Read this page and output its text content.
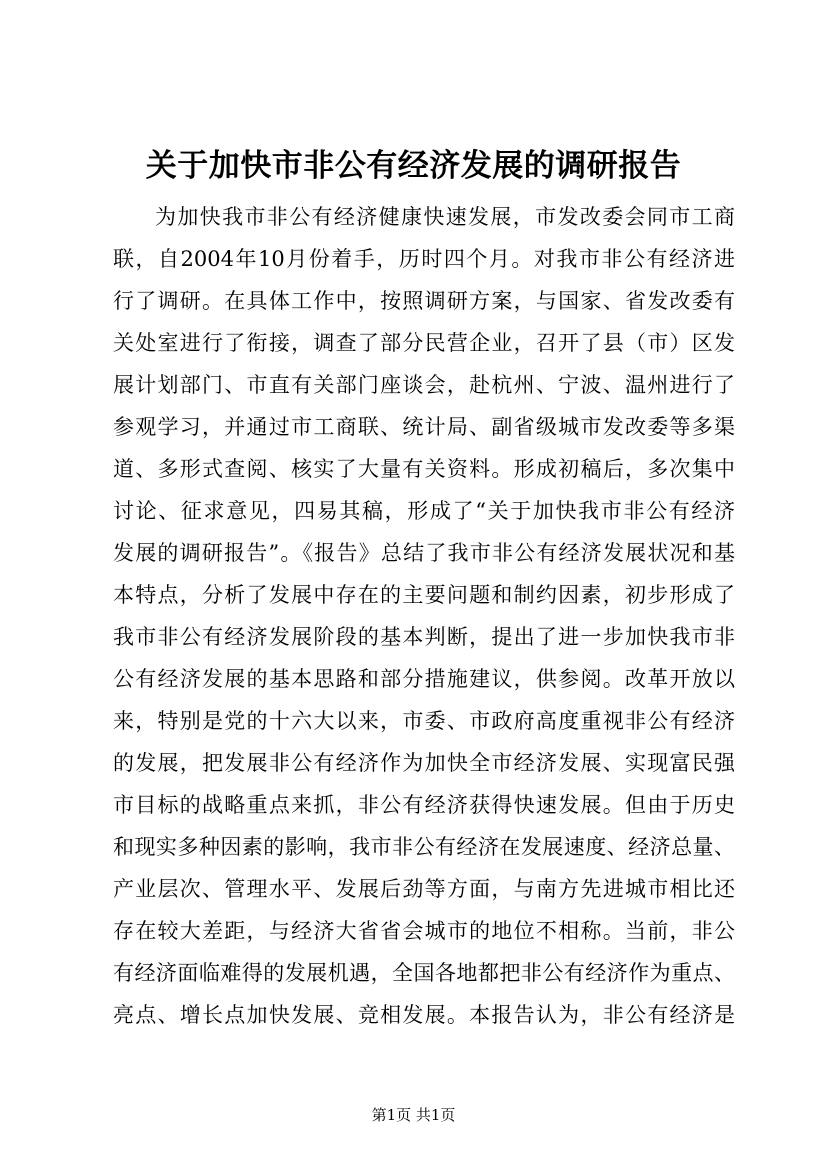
关于加快市非公有经济发展的调研报告
为加快我市非公有经济健康快速发展，市发改委会同市工商
联，自2004年10月份着手，历时四个月。对我市非公有经济进
行了调研。在具体工作中，按照调研方案，与国家、省发改委有
关处室进行了衔接，调查了部分民营企业，召开了县（市）区发
展计划部门、市直有关部门座谈会，赴杭州、宁波、温州进行了
参观学习，并通过市工商联、统计局、副省级城市发改委等多渠
道、多形式查阅、核实了大量有关资料。形成初稿后，多次集中
讨论、征求意见，四易其稿，形成了“关于加快我市非公有经济
发展的调研报告”。《报告》总结了我市非公有经济发展状况和基
本特点，分析了发展中存在的主要问题和制约因素，初步形成了
我市非公有经济发展阶段的基本判断，提出了进一步加快我市非
公有经济发展的基本思路和部分措施建议，供参阅。改革开放以
来，特别是党的十六大以来，市委、市政府高度重视非公有经济
的发展，把发展非公有经济作为加快全市经济发展、实现富民强
市目标的战略重点来抓，非公有经济获得快速发展。但由于历史
和现实多种因素的影响，我市非公有经济在发展速度、经济总量、
产业层次、管理水平、发展后劲等方面，与南方先进城市相比还
存在较大差距，与经济大省省会城市的地位不相称。当前，非公
有经济面临难得的发展机遇，全国各地都把非公有经济作为重点、
亮点、增长点加快发展、竞相发展。本报告认为，非公有经济是
第1页 共1页
